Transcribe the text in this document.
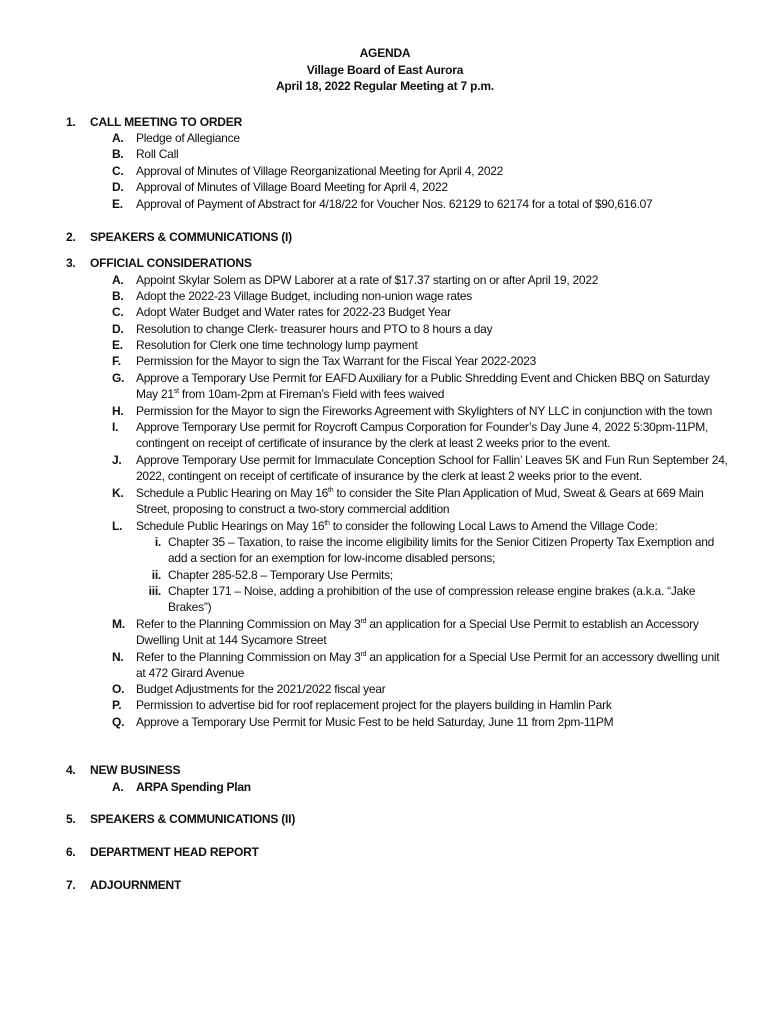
AGENDA
Village Board of East Aurora
April 18, 2022 Regular Meeting at 7 p.m.
1. CALL MEETING TO ORDER
A. Pledge of Allegiance
B. Roll Call
C. Approval of Minutes of Village Reorganizational Meeting for April 4, 2022
D. Approval of Minutes of Village Board Meeting for April 4, 2022
E. Approval of Payment of Abstract for 4/18/22 for Voucher Nos. 62129 to 62174 for a total of $90,616.07
2. SPEAKERS & COMMUNICATIONS (I)
3. OFFICIAL CONSIDERATIONS
A. Appoint Skylar Solem as DPW Laborer at a rate of $17.37 starting on or after April 19, 2022
B. Adopt the 2022-23 Village Budget, including non-union wage rates
C. Adopt Water Budget and Water rates for 2022-23 Budget Year
D. Resolution to change Clerk- treasurer hours and PTO to 8 hours a day
E. Resolution for Clerk one time technology lump payment
F.	Permission for the Mayor to sign the Tax Warrant for the Fiscal Year 2022-2023
G. Approve a Temporary Use Permit for EAFD Auxiliary for a Public Shredding Event and Chicken BBQ on Saturday
May 21st from 10am-2pm at Fireman’s Field with fees waived
H. Permission for the Mayor to sign the Fireworks Agreement with Skylighters of NY LLC in conjunction with the town
I.	Approve Temporary Use permit for Roycroft Campus Corporation for Founder’s Day June 4, 2022 5:30pm-11PM,
contingent on receipt of certificate of insurance by the clerk at least 2 weeks prior to the event.
J.	Approve Temporary Use permit for Immaculate Conception School for Fallin’ Leaves 5K and Fun Run September 24,
2022, contingent on receipt of certificate of insurance by the clerk at least 2 weeks prior to the event.
K. Schedule a Public Hearing on May 16th to consider the Site Plan Application of Mud, Sweat & Gears at 669 Main
Street, proposing to construct a two-story commercial addition
L.	Schedule Public Hearings on May 16th to consider the following Local Laws to Amend the Village Code:
i. Chapter 35 – Taxation, to raise the income eligibility limits for the Senior Citizen Property Tax Exemption and
add a section for an exemption for low-income disabled persons;
ii. Chapter 285-52.8 – Temporary Use Permits;
iii. Chapter 171 – Noise, adding a prohibition of the use of compression release engine brakes (a.k.a. “Jake
Brakes”)
M. Refer to the Planning Commission on May 3rd an application for a Special Use Permit to establish an Accessory
Dwelling Unit at 144 Sycamore Street
N. Refer to the Planning Commission on May 3rd an application for a Special Use Permit for an accessory dwelling unit
at 472 Girard Avenue
O. Budget Adjustments for the 2021/2022 fiscal year
P.	Permission to advertise bid for roof replacement project for the players building in Hamlin Park
Q. Approve a Temporary Use Permit for Music Fest to be held Saturday, June 11 from 2pm-11PM
4. NEW BUSINESS
A. ARPA Spending Plan
5. SPEAKERS & COMMUNICATIONS (II)
6. DEPARTMENT HEAD REPORT
7. ADJOURNMENT
